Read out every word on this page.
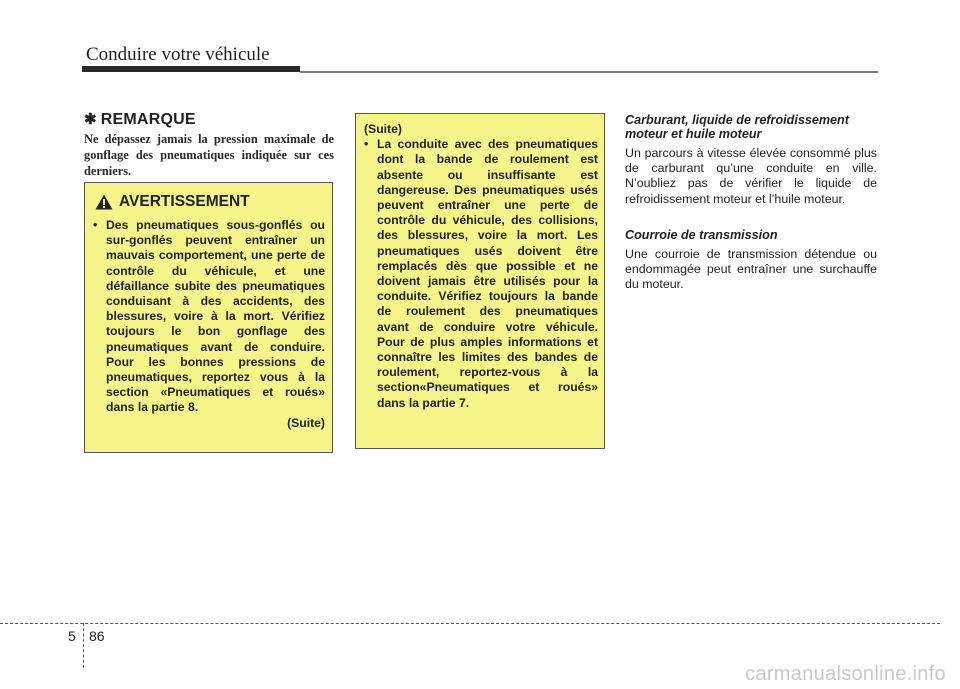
Conduire votre véhicule
✱ REMARQUE
Ne dépassez jamais la pression maximale de gonflage des pneumatiques indiquée sur ces derniers.
AVERTISSEMENT
• Des pneumatiques sous-gonflés ou sur-gonflés peuvent entraîner un mauvais comportement, une perte de contrôle du véhicule, et une défaillance subite des pneumatiques conduisant à des accidents, des blessures, voire à la mort. Vérifiez toujours le bon gonflage des pneumatiques avant de conduire. Pour les bonnes pressions de pneumatiques, reportez vous à la section «Pneumatiques et roués» dans la partie 8.
(Suite)
(Suite)
• La conduite avec des pneumatiques dont la bande de roulement est absente ou insuffisante est dangereuse. Des pneumatiques usés peuvent entraîner une perte de contrôle du véhicule, des collisions, des blessures, voire la mort. Les pneumatiques usés doivent être remplacés dès que possible et ne doivent jamais être utilisés pour la conduite. Vérifiez toujours la bande de roulement des pneumatiques avant de conduire votre véhicule. Pour de plus amples informations et connaître les limites des bandes de roulement, reportez-vous à la section«Pneumatiques et roués» dans la partie 7.

Carburant, liquide de refroidissement moteur et huile moteur

Un parcours à vitesse élevée consommé plus de carburant qu’une conduite en ville. N’oubliez pas de vérifier le liquide de refroidissement moteur et l’huile moteur.

Courroie de transmission

Une courroie de transmission détendue ou endommagée peut entraîner une surchauffe du moteur.

5 86
carmanualsonline.info
